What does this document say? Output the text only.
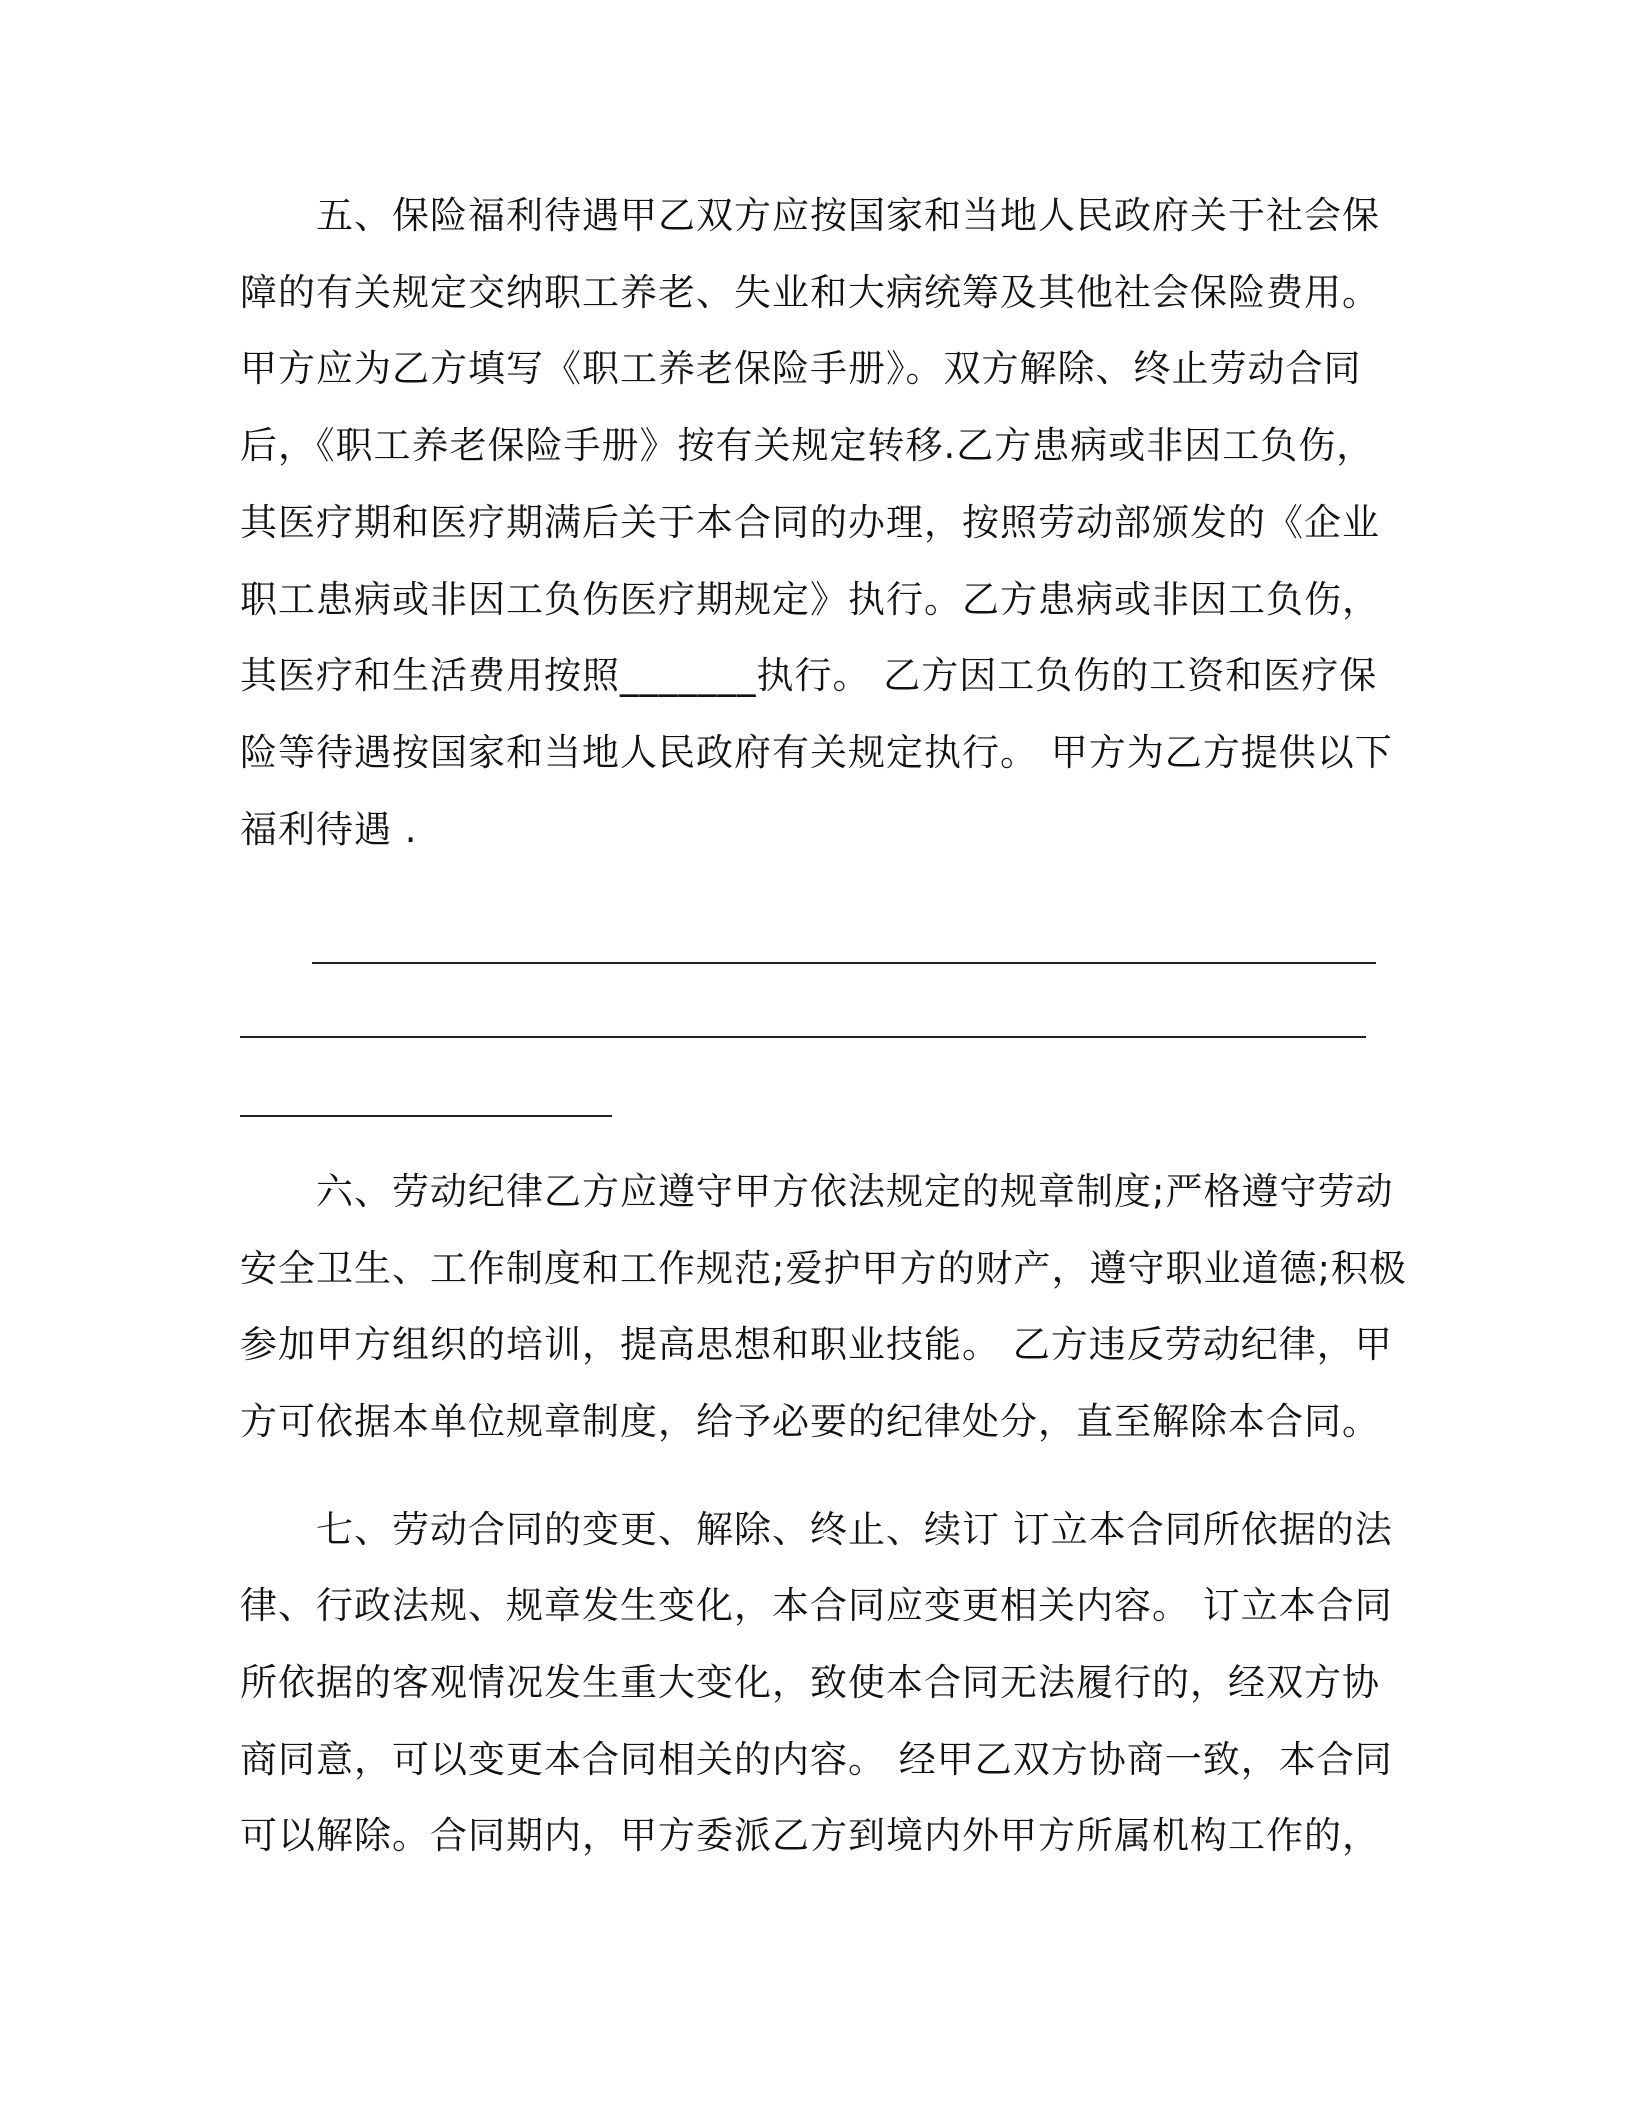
五、保险福利待遇甲乙双方应按国家和当地人民政府关于社会保
障的有关规定交纳职工养老、失业和大病统筹及其他社会保险费用。
甲方应为乙方填写《职工养老保险手册》。双方解除、终止劳动合同
后，《职工养老保险手册》按有关规定转移.乙方患病或非因工负伤，
其医疗期和医疗期满后关于本合同的办理，按照劳动部颁发的《企业
职工患病或非因工负伤医疗期规定》执行。乙方患病或非因工负伤，
其医疗和生活费用按照_______执行。 乙方因工负伤的工资和医疗保
险等待遇按国家和当地人民政府有关规定执行。 甲方为乙方提供以下
福利待遇 .
六、劳动纪律乙方应遵守甲方依法规定的规章制度;严格遵守劳动
安全卫生、工作制度和工作规范;爱护甲方的财产，遵守职业道德;积极
参加甲方组织的培训，提高思想和职业技能。 乙方违反劳动纪律，甲
方可依据本单位规章制度，给予必要的纪律处分，直至解除本合同。
七、劳动合同的变更、解除、终止、续订 订立本合同所依据的法
律、行政法规、规章发生变化，本合同应变更相关内容。 订立本合同
所依据的客观情况发生重大变化，致使本合同无法履行的，经双方协
商同意，可以变更本合同相关的内容。 经甲乙双方协商一致，本合同
可以解除。合同期内，甲方委派乙方到境内外甲方所属机构工作的，
